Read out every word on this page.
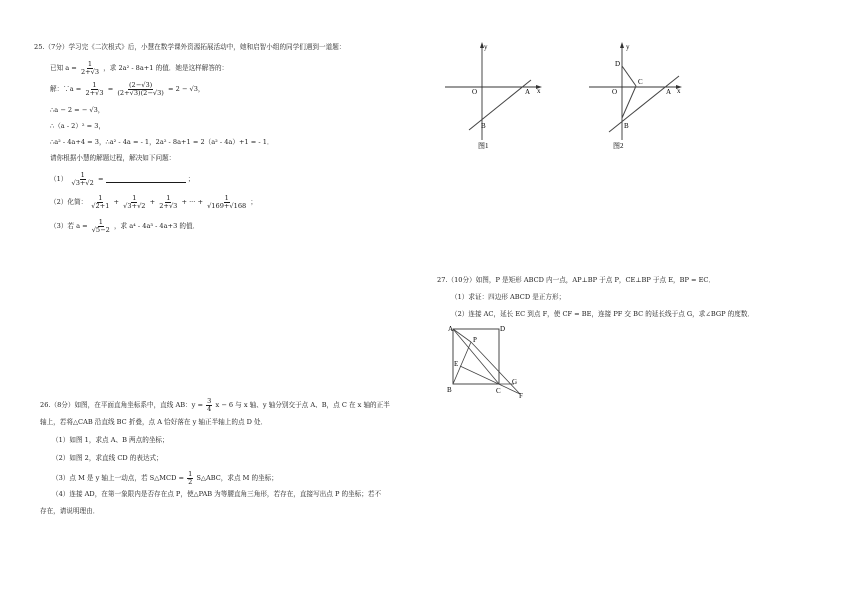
25.（7分）学习完《二次根式》后，小慧在数学课外资源拓展活动中，她和启智小组的同学们遇到一道题：
已知 $a = \frac{1}{2+√3}$ ，求 2a² - 8a+1 的值．她是这样解答的：
解：∵a = $\frac{1}{2+√3} = \frac{(2-√3)}{(2+√3)(2-√3)} = 2 - √3$，
∴a − 2 = − √3，
∴（a - 2）² = 3，
∴a² - 4a+4 = 3，∴a² - 4a = - 1，2a² - 8a+1 = 2（a² - 4a）+1 = - 1．
请你根据小慧的解题过程，解决如下问题：
$(1) \frac{1}{√3+√2}$ =	；
（2）化简： $\frac{1}{√2+1} + \frac{1}{√3+√2} + \frac{1}{2+√3}$ + ··· + $\frac{1}{√169+√168}$ ；
（3）若 $a = \frac{1}{√5-2}$ ，求 a⁴ - 4a³ - 4a+3 的值．
y
x
O	A
B
图1
y
x
O	A
B
C
D
图2
27.（10分）如图，P 是矩形 ABCD 内一点，AP⊥BP 于点 P，CE⊥BP 于点 E，BP = EC．
（1）求证：四边形 ABCD 是正方形；
（2）连接 AC，延长 EC 到点 F，使 CF = BE，连接 PF 交 BC 的延长线于点 G，求∠BGP 的度数．
A	D
P
E
B	C
G
F
26.（8分）如图，在平面直角坐标系中，直线 AB：$y = \frac{3}{4}$ x − 6 与 x 轴、y 轴分别交于点 A、B，点 C 在 x 轴的正半
轴上，若将△CAB 沿直线 BC 折叠，点 A 恰好落在 y 轴正半轴上的点 D 处．
（1）如图 1，求点 A、B 两点的坐标；
（2）如图 2，求直线 CD 的表达式；
（3）点 M 是 y 轴上一动点，若 S△MCD = $\frac{1}{2}$ S△ABC，求点 M 的坐标；
（4）连接 AD，在第一象限内是否存在点 P，使△PAB 为等腰直角三角形，若存在，直接写出点 P 的坐标；若不
存在，请说明理由．
